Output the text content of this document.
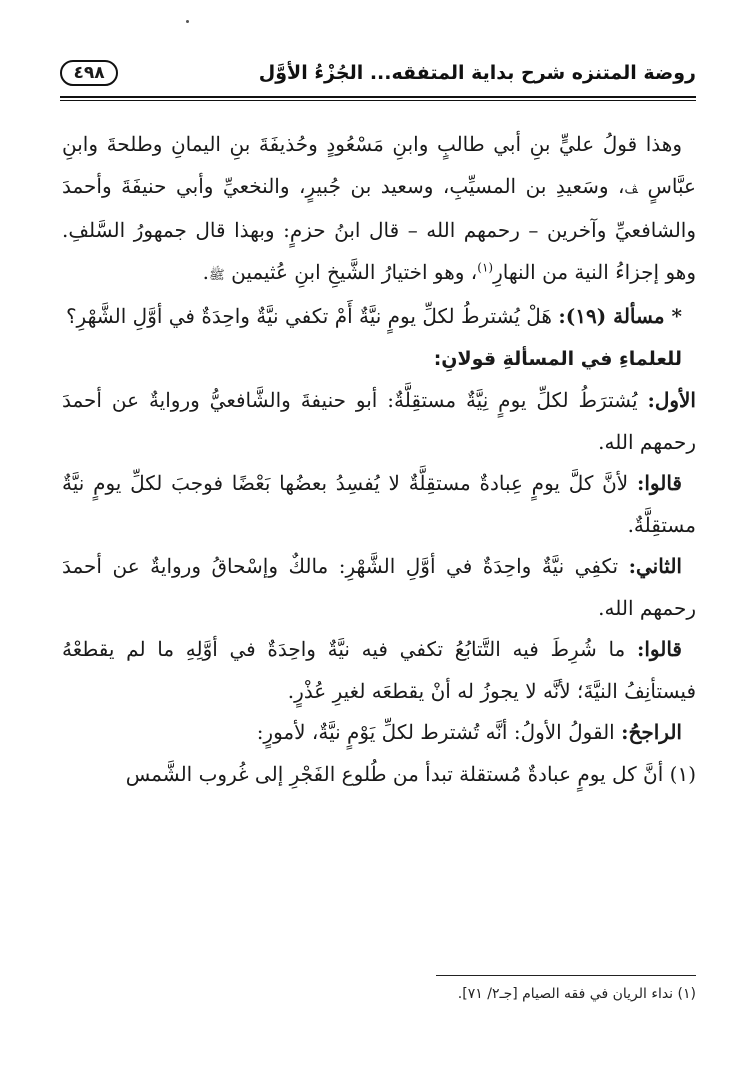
روضة المتنزه شرح بداية المتفقه... الجُزْءُ الأوَّل
٤٩٨

وهذا قولُ عليٍّ بنِ أبي طالبٍ وابنِ مَسْعُودٍ وحُذيفَةَ بنِ اليمانِ وطلحةَ وابنِ عبَّاسٍ ﭫ، وسَعيدِ بن المسيِّبِ، وسعيد بن جُبيرٍ، والنخعيِّ وأبي حنيفَةَ وأحمدَ والشافعيِّ وآخرين – رحمهم الله – قال ابنُ حزمٍ: وبهذا قال جمهورُ السَّلفِ. وهو إجزاءُ النية من النهارِ$^{(١)}$، وهو اختيارُ الشَّيخِ ابنِ عُثيمين ﷺ.

* مسألة (١٩): هَلْ يُشترطُ لكلِّ يومٍ نيَّةٌ أَمْ تكفي نيَّةٌ واحِدَةٌ في أوَّلِ الشَّهْرِ؟

للعلماءِ في المسألةِ قولانِ:

الأول: يُشترَطُ لكلِّ يومٍ نِيَّةٌ مستقِلَّةٌ: أبو حنيفةَ والشَّافعيُّ وروايةٌ عن أحمدَ رحمهم الله.

قالوا: لأنَّ كلَّ يومٍ عِبادةٌ مستقِلَّةٌ لا يُفسِدُ بعضُها بَعْضًا فوجبَ لكلِّ يومٍ نيَّةٌ مستقِلَّةٌ.

الثاني: تكفِي نيَّةٌ واحِدَةٌ في أوَّلِ الشَّهْرِ: مالكٌ وإسْحاقُ وروايةٌ عن أحمدَ رحمهم الله.

قالوا: ما شُرِطَ فيه التَّتابُعُ تكفي فيه نيَّةٌ واحِدَةٌ في أوَّلِهِ ما لم يقطعْهُ فيستأنِفُ النيَّةَ؛ لأنَّه لا يجوزُ له أنْ يقطعَه لغيرِ عُذْرٍ.

الراجحُ: القولُ الأولُ: أنَّه تُشترط لكلِّ يَوْمٍ نيَّةٌ، لأمورٍ:

(١) أنَّ كل يومٍ عبادةٌ مُستقلة تبدأ من طُلوع الفَجْرِ إلى غُروب الشَّمس

(١) نداء الريان في فقه الصيام [جـ٢/ ٧١].
